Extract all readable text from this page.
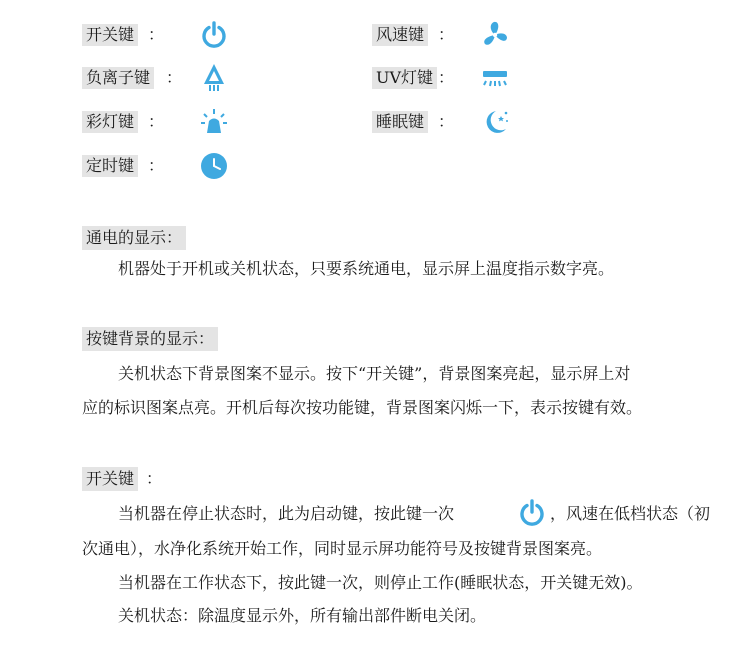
开关键 ：	风速键 ：
负离子键 ：	UV灯键 ：
彩灯键 ：	睡眠键 ：
定时键 ：
通电的显示：
机器处于开机或关机状态，只要系统通电，显示屏上温度指示数字亮。
按键背景的显示：
关机状态下背景图案不显示。按下“开关键”，背景图案亮起，显示屏上对
应的标识图案点亮。开机后每次按功能键，背景图案闪烁一下，表示按键有效。
开关键 ：
当机器在停止状态时，此为启动键，按此键一次	，风速在低档状态（初
次通电），水净化系统开始工作，同时显示屏功能符号及按键背景图案亮。
当机器在工作状态下，按此键一次，则停止工作(睡眠状态，开关键无效)。
关机状态：除温度显示外，所有输出部件断电关闭。
